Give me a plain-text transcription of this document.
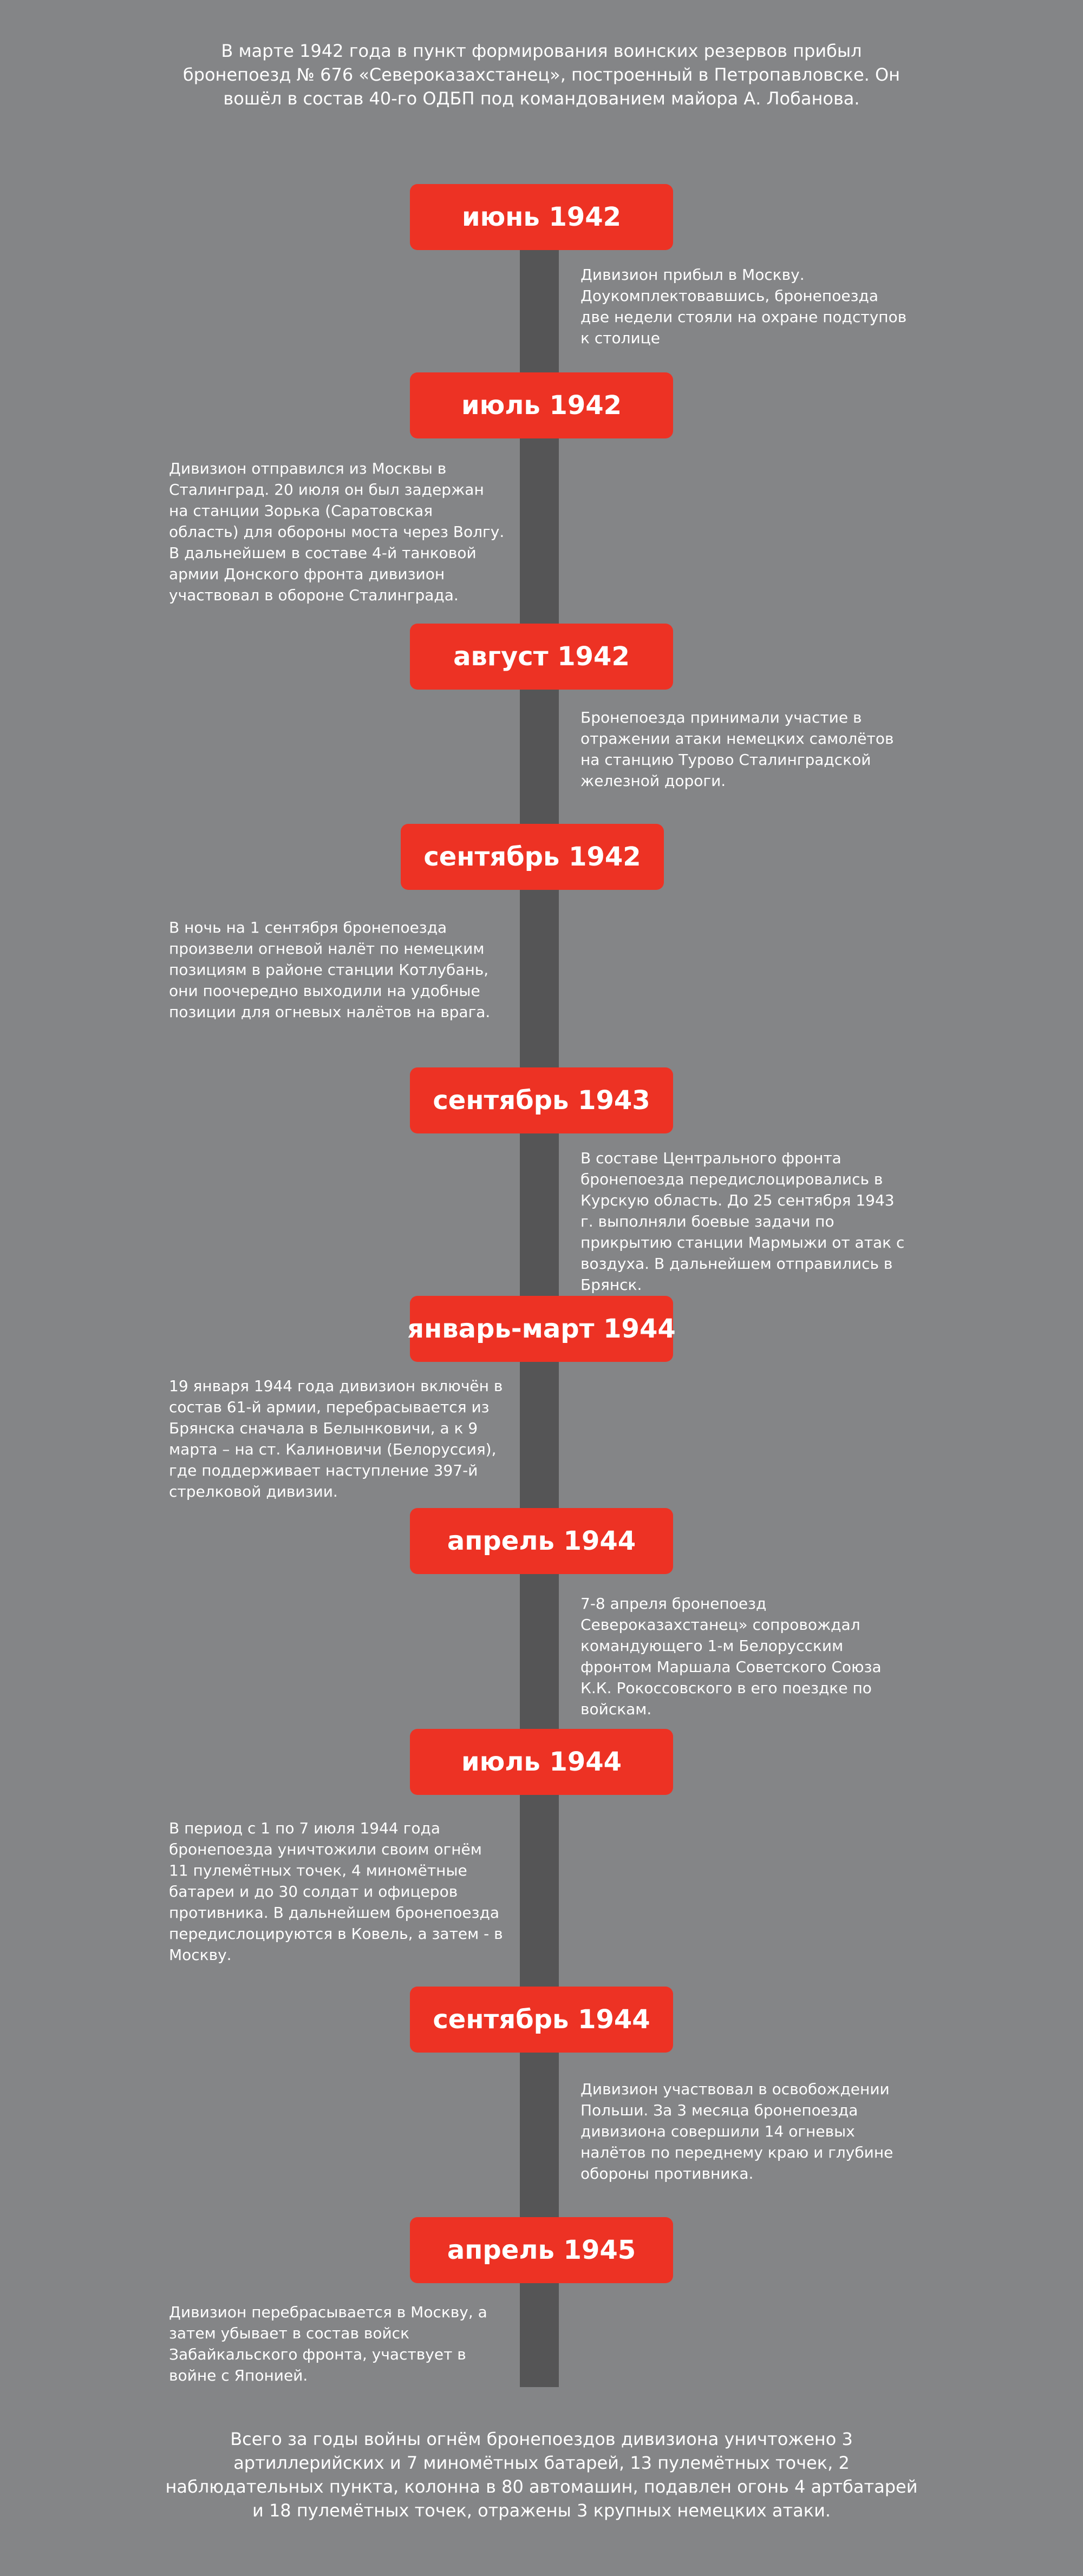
В марте 1942 года в пункт формирования воинских резервов прибыл бронепоезд № 676 «Североказахстанец», построенный в Петропавловске. Он вошёл в состав 40-го ОДБП под командованием майора А. Лобанова.

июнь 1942

Дивизион прибыл в Москву. Доукомплектовавшись, бронепоезда две недели стояли на охране подступов к столице

июль 1942

Дивизион отправился из Москвы в Сталинград. 20 июля он был задержан на станции Зорька (Саратовская область) для обороны моста через Волгу. В дальнейшем в составе 4-й танковой армии Донского фронта дивизион участвовал в обороне Сталинграда.

август 1942

Бронепоезда принимали участие в отражении атаки немецких самолётов на станцию Турово Сталинградской железной дороги.

сентябрь 1942

В ночь на 1 сентября бронепоезда произвели огневой налёт по немецким позициям в районе станции Котлубань, они поочередно выходили на удобные позиции для огневых налётов на врага.

сентябрь 1943

В составе Центрального фронта бронепоезда передислоцировались в Курскую область. До 25 сентября 1943 г. выполняли боевые задачи по прикрытию станции Мармыжи от атак с воздуха. В дальнейшем отправились в Брянск.

январь-март 1944

19 января 1944 года дивизион включён в состав 61-й армии, перебрасывается из Брянска сначала в Белынковичи, а к 9 марта – на ст. Калиновичи (Белоруссия), где поддерживает наступление 397-й стрелковой дивизии.

апрель 1944

7-8 апреля бронепоезд Североказахстанец» сопровождал командующего 1-м Белорусским фронтом Маршала Советского Союза К.К. Рокоссовского в его поездке по войскам.

июль 1944

В период с 1 по 7 июля 1944 года бронепоезда уничтожили своим огнём 11 пулемётных точек, 4 миномётные батареи и до 30 солдат и офицеров противника. В дальнейшем бронепоезда передислоцируются в Ковель, а затем - в Москву.

сентябрь 1944

Дивизион участвовал в освобождении Польши. За 3 месяца бронепоезда дивизиона совершили 14 огневых налётов по переднему краю и глубине обороны противника.

апрель 1945

Дивизион перебрасывается в Москву, а затем убывает в состав войск Забайкальского фронта, участвует в войне с Японией.

Всего за годы войны огнём бронепоездов дивизиона уничтожено 3 артиллерийских и 7 миномётных батарей, 13 пулемётных точек, 2 наблюдательных пункта, колонна в 80 автомашин, подавлен огонь 4 артбатарей и 18 пулемётных точек, отражены 3 крупных немецких атаки.
